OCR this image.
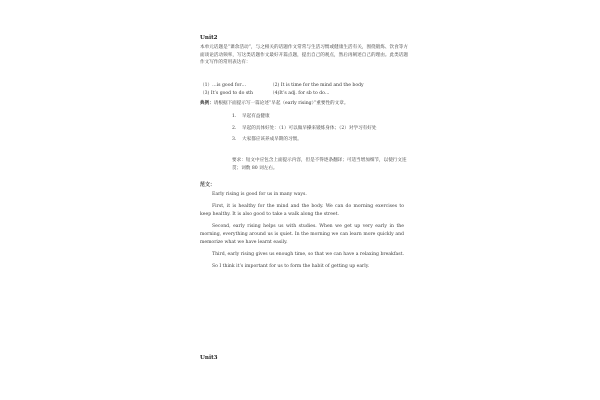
Unit2
本单元话题是“课余活动”，与之相关的话题作文常常与生活习惯或健康生活有关，围绕锻炼、饮食等方面谈论活动频率，写这类话题作文最好开篇点题，提出自己的观点，然后再阐述自己的理由。此类话题作文写作的常用表达有：
（1）…is good for…	（2) It is time for the mind and the body
（3) It’s good to do sth	（4)It’s adj. for sb to do…
典例：请根据下面提示写一篇论述“早起（early rising）”重要性的文章。
1. 早起有益健康
2.	早起的具体好处：（1）可以做早操来锻炼身体；（2）对学习有好处
3. 大家都应该养成早期的习惯。
要求：短文中应包含上面提示内容，但是不得逐条翻译；可适当增加细节，以使行文连贯；词数 80 词左右。
范文：

Early rising is good for us in many ways.

First, it is healthy for the mind and the body. We can do morning exercises to keep healthy. It is also good to take a walk along the street.

Second, early rising helps us with studies. When we get up very early in the morning, everything around us is quiet. In the morning we can learn more quickly and memorize what we have learnt easily.

Third, early rising gives us enough time, so that we can have a relaxing breakfast.

So I think it’s important for us to form the habit of getting up early.

Unit3
